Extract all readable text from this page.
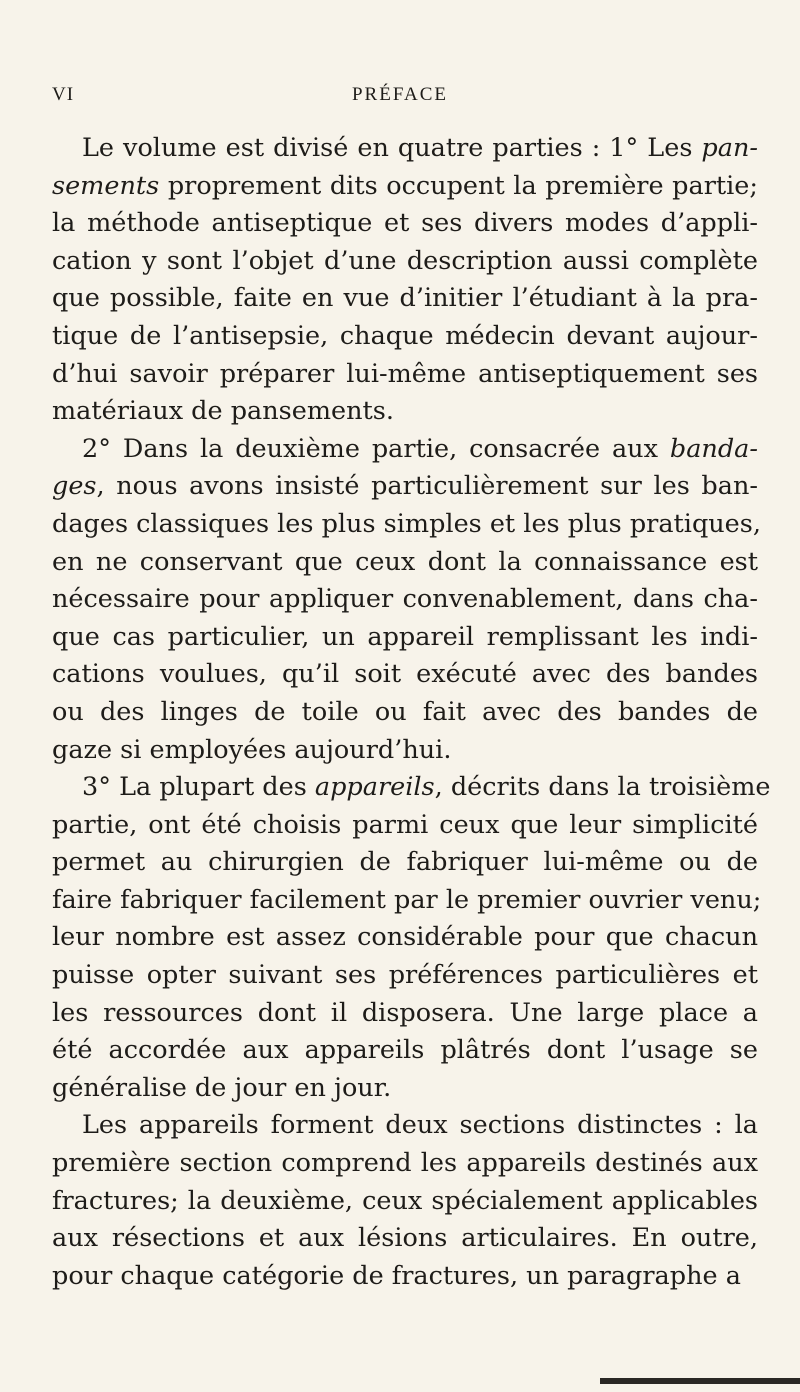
VI	PRÉFACE

Le volume est divisé en quatre parties : 1° Les pan-
sements proprement dits occupent la première partie;
la méthode antiseptique et ses divers modes d’appli-
cation y sont l’objet d’une description aussi complète
que possible, faite en vue d’initier l’étudiant à la pra-
tique de l’antisepsie, chaque médecin devant aujour-
d’hui savoir préparer lui-même antiseptiquement ses
matériaux de pansements.

2° Dans la deuxième partie, consacrée aux banda-
ges, nous avons insisté particulièrement sur les ban-
dages classiques les plus simples et les plus pratiques,
en ne conservant que ceux dont la connaissance est
nécessaire pour appliquer convenablement, dans cha-
que cas particulier, un appareil remplissant les indi-
cations voulues, qu’il soit exécuté avec des bandes
ou des linges de toile ou fait avec des bandes de
gaze si employées aujourd’hui.

3° La plupart des appareils, décrits dans la troisième
partie, ont été choisis parmi ceux que leur simplicité
permet au chirurgien de fabriquer lui-même ou de
faire fabriquer facilement par le premier ouvrier venu;
leur nombre est assez considérable pour que chacun
puisse opter suivant ses préférences particulières et
les ressources dont il disposera. Une large place a
été accordée aux appareils plâtrés dont l’usage se
généralise de jour en jour.

Les appareils forment deux sections distinctes : la
première section comprend les appareils destinés aux
fractures; la deuxième, ceux spécialement applicables
aux résections et aux lésions articulaires. En outre,
pour chaque catégorie de fractures, un paragraphe a
